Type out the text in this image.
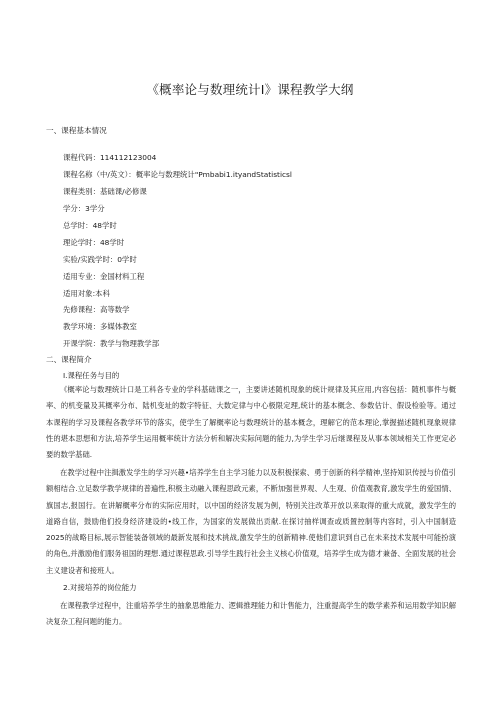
《概率论与数理统计I》课程教学大纲
一、课程基本情况
课程代码：114112123004
课程名称（中/英文）：概率论与数理统计"Pmbabi1.ityandStatisticsl
课程类别：基础课/必修课
学分：3学分
总学时：48学时
理论学时：48学时
实验/实践学时：0学时
适用专业：金国材料工程
适用对象:本科
先修课程：高等数学
教学环境：多媒体教室
开课学院：教学与物理教学部
二、课程简介
I.课程任务与目的
《概率论与数理统计口是工科各专业的学科基础课之一，主要讲述随机现象的统计规律及其应用,内容包括：随机事件与概率、的机变量及其概率分布、陆机变址的数字特征、大数定律与中心极限定理,统计的基本概念、参数估计、假设检验等。通过本课程的学习及课程各教学环节的落实，使学生了解概率论与数理统计的基本概念，理解它的范本理论,掌握描述随机现象规律性的堪本思想和方法,培养学生运用概率统计方法分析和解决实际问题的能力,为学生学习后继课程及从事本领域相关工作更定必要的数学基础.
在教学过程中注揖激发学生的学习兴趣•培养学生自主学习能力以及积极探索、勇于创新的科学精神,坚持知识传授与价值引额相结合.立足数学教学规律的普遍性,积极主动融入课程思政元素，不断加强世界观、人生观、价值观教育,激发学生的爱国情、旗国志,报国行。在讲解概率分布的实际应用时，以中国的经济发展为例，特别关注改革开放以来取得的重大成就，激发学生的道路自信，鼓励他们投身经济建设的•线工作，为国家的发展做出贡献.在探讨抽样调查或质置控制等内容时，引入中国制造2025的战略目标,展示智能装备领域的最新发展和技术挑战,激发学生的创新精神.使他们意识到自己在未来技术发展中可能扮演的角色,并激励他们服务祖国的理想.通过课程思政.引导学生践行社会主义核心价值观，培养学生成为德才兼备、全面发展的社会主义建设者和接班人。
2.对接培养的岗位能力
在课程教学过程中，注重培养学生的抽象思维能力、逻辑推理能力和计售能力，注重提高学生的数学素养和运用数学知识解决复杂工程问题的能力。
